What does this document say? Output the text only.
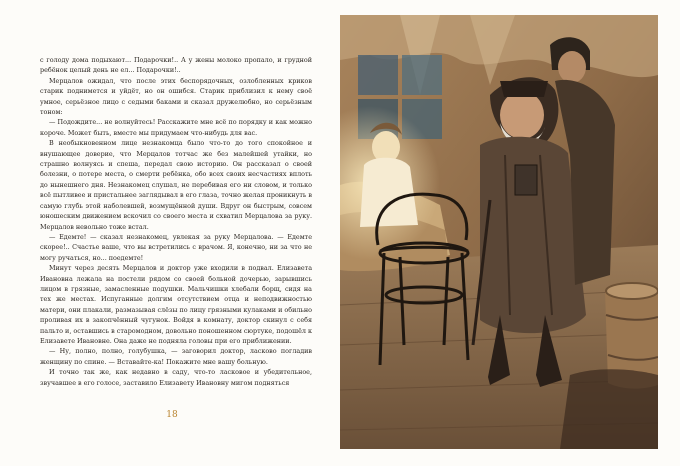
с голоду дома подыхают... Подарочки!.. А у жены молоко пропало, и грудной ребёнок целый день не ел... Подарочки!..

Мерцалов ожидал, что после этих беспорядочных, озлобленных криков старик поднимется и уйдёт, но он ошибся. Старик приблизил к нему своё умное, серьёзное лицо с седыми баками и сказал дружелюбно, но серьёзным тоном:

— Подождите... не волнуйтесь! Расскажите мне всё по порядку и как можно короче. Может быть, вместе мы придумаем что-нибудь для вас.

В необыкновенном лице незнакомца было что-то до того спокойное и внушающее доверие, что Мерцалов тотчас же без малейшей утайки, но страшно волнуясь и спеша, передал свою историю. Он рассказал о своей болезни, о потере места, о смерти ребёнка, обо всех своих несчастиях вплоть до нынешнего дня. Незнакомец слушал, не перебивая его ни словом, и только всё пытливее и пристальнее заглядывал в его глаза, точно желая проникнуть в самую глубь этой наболевшей, возмущённой души. Вдруг он быстрым, совсем юношеским движением вскочил со своего места и схватил Мерцалова за руку. Мерцалов невольно тоже встал.

— Едемте! — сказал незнакомец, увлекая за руку Мерцалова. — Едемте скорее!.. Счастье ваше, что вы встретились с врачом. Я, конечно, ни за что не могу ручаться, но... поедемте!

Минут через десять Мерцалов и доктор уже входили в подвал. Елизавета Ивановна лежала на постели рядом со своей больной дочерью, зарывшись лицом в грязные, замасленные подушки. Мальчишки хлебали борщ, сидя на тех же местах. Испуганные долгим отсутствием отца и неподвижностью матери, они плакали, размазывая слёзы по лицу грязными кулаками и обильно проливая их в закопчённый чугунок. Войдя в комнату, доктор скинул с себя пальто и, оставшись в старомодном, довольно поношенном сюртуке, подошёл к Елизавете Ивановне. Она даже не подняла головы при его приближении.

— Ну, полно, полно, голубушка, — заговорил доктор, ласково погладив женщину по спине. — Вставайте-ка! Покажите мне вашу больную.

И точно так же, как недавно в саду, что-то ласковое и убедительное, звучавшее в его голосе, заставило Елизавету Ивановну мигом подняться

18
